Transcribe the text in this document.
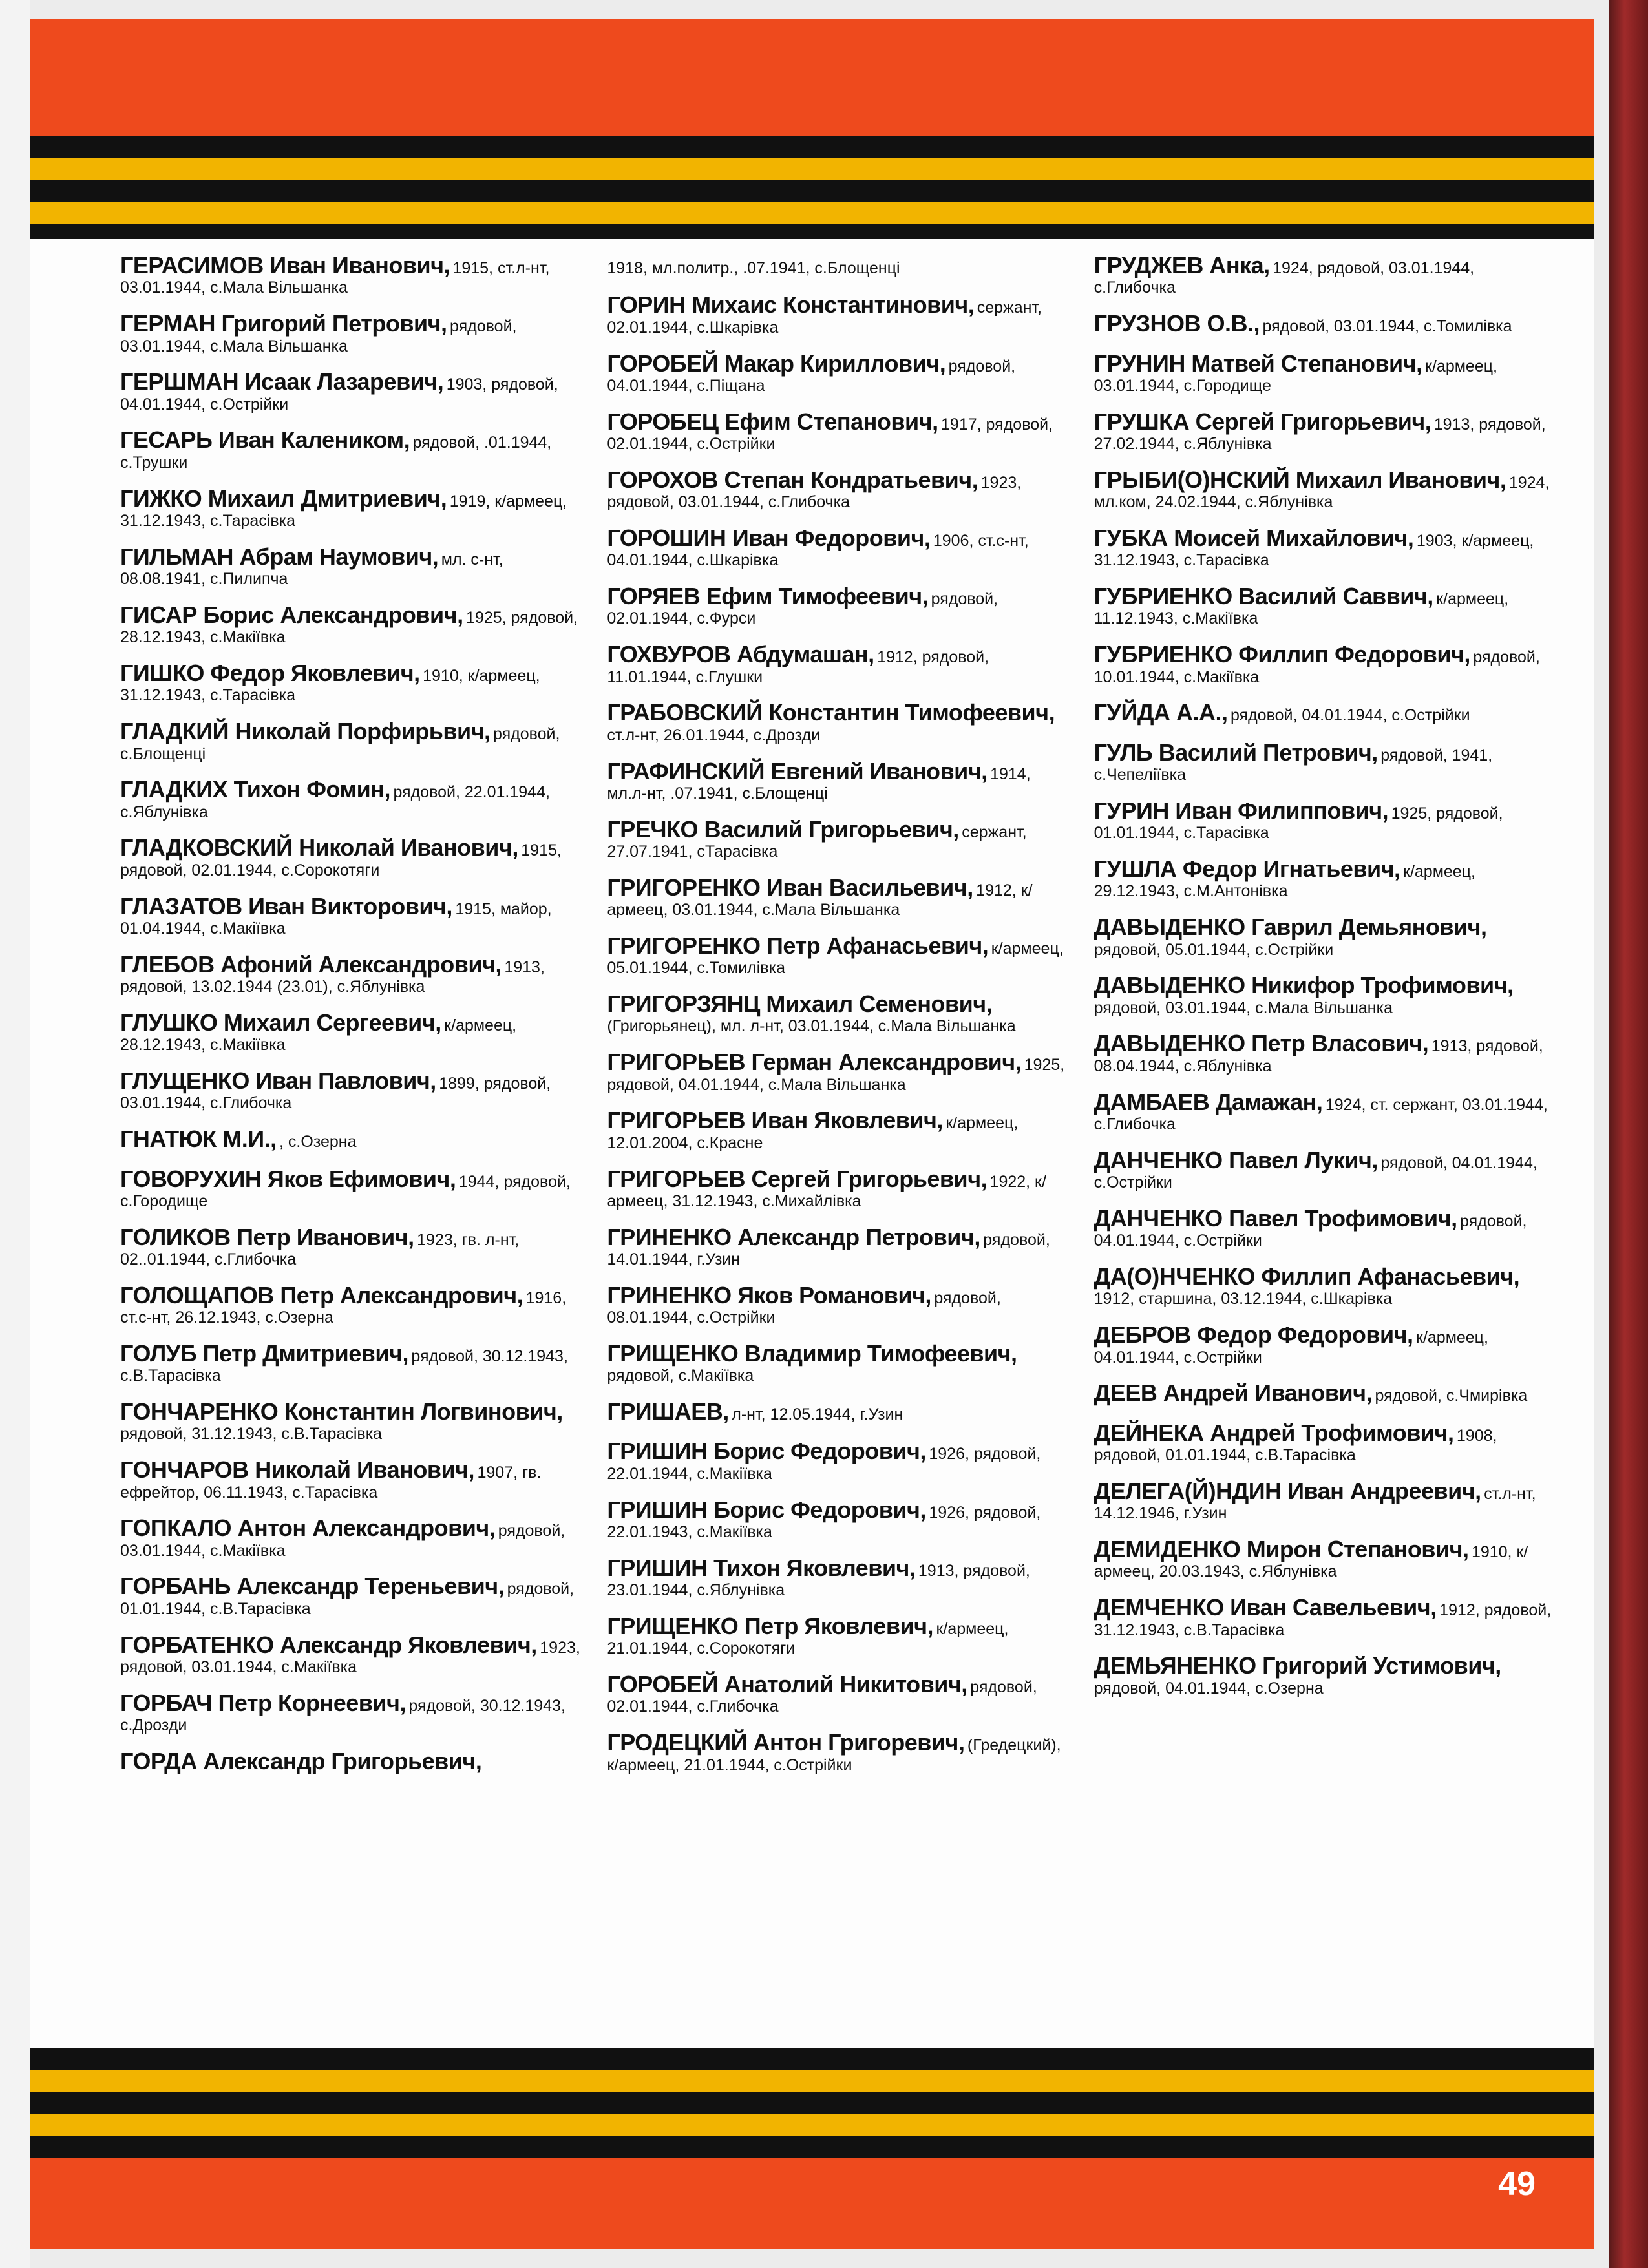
49
ГЕРАСИМОВ Иван Иванович, 1915, ст.л-нт, 03.01.1944, с.Мала Вільшанка
ГЕРМАН Григорий Петрович, рядовой, 03.01.1944, с.Мала Вільшанка
ГЕРШМАН Исаак Лазаревич, 1903, рядовой, 04.01.1944, с.Острійки
ГЕСАРЬ Иван Калеником, рядовой, .01.1944, с.Трушки
ГИЖКО Михаил Дмитриевич, 1919, к/армеец, 31.12.1943, с.Тарасівка
ГИЛЬМАН Абрам Наумович, мл. с-нт, 08.08.1941, с.Пилипча
ГИСАР Борис Александрович, 1925, рядовой, 28.12.1943, с.Макіївка
ГИШКО Федор Яковлевич, 1910, к/армеец, 31.12.1943, с.Тарасівка
ГЛАДКИЙ Николай Порфирьвич, рядовой, с.Блощенці
ГЛАДКИХ Тихон Фомин, рядовой, 22.01.1944, с.Яблунівка
ГЛАДКОВСКИЙ Николай Иванович, 1915, рядовой, 02.01.1944, с.Сорокотяги
ГЛАЗАТОВ Иван Викторович, 1915, майор, 01.04.1944, с.Макіївка
ГЛЕБОВ Афоний Александрович, 1913, рядовой, 13.02.1944 (23.01), с.Яблунівка
ГЛУШКО Михаил Сергеевич, к/армеец, 28.12.1943, с.Макіївка
ГЛУЩЕНКО Иван Павлович, 1899, рядовой, 03.01.1944, с.Глибочка
ГНАТЮК М.И., , с.Озерна
ГОВОРУХИН Яков Ефимович, 1944, рядовой, с.Городище
ГОЛИКОВ Петр Иванович, 1923, гв. л-нт, 02..01.1944, с.Глибочка
ГОЛОЩАПОВ Петр Александрович, 1916, ст.с-нт, 26.12.1943, с.Озерна
ГОЛУБ Петр Дмитриевич, рядовой, 30.12.1943, с.В.Тарасівка
ГОНЧАРЕНКО Константин Логвинович, рядовой, 31.12.1943, с.В.Тарасівка
ГОНЧАРОВ Николай Иванович, 1907, гв. ефрейтор, 06.11.1943, с.Тарасівка
ГОПКАЛО Антон Александрович, рядовой, 03.01.1944, с.Макіївка
ГОРБАНЬ Александр Тереньевич, рядовой, 01.01.1944, с.В.Тарасівка
ГОРБАТЕНКО Александр Яковлевич, 1923, рядовой, 03.01.1944, с.Макіївка
ГОРБАЧ Петр Корнеевич, рядовой, 30.12.1943, с.Дрозди
ГОРДА Александр Григорьевич,
1918, мл.политр., .07.1941, с.Блощенці
ГОРИН Михаис Константинович, сержант, 02.01.1944, с.Шкарівка
ГОРОБЕЙ Макар Кириллович, рядовой, 04.01.1944, с.Піщана
ГОРОБЕЦ Ефим Степанович, 1917, рядовой, 02.01.1944, с.Острійки
ГОРОХОВ Степан Кондратьевич, 1923, рядовой, 03.01.1944, с.Глибочка
ГОРОШИН Иван Федорович, 1906, ст.с-нт, 04.01.1944, с.Шкарівка
ГОРЯЕВ Ефим Тимофеевич, рядовой, 02.01.1944, с.Фурси
ГОХВУРОВ Абдумашан, 1912, рядовой, 11.01.1944, с.Глушки
ГРАБОВСКИЙ Константин Тимофеевич, ст.л-нт, 26.01.1944, с.Дрозди
ГРАФИНСКИЙ Евгений Иванович, 1914, мл.л-нт, .07.1941, с.Блощенці
ГРЕЧКО Василий Григорьевич, сержант, 27.07.1941, сТарасівка
ГРИГОРЕНКО Иван Васильевич, 1912, к/армеец, 03.01.1944, с.Мала Вільшанка
ГРИГОРЕНКО Петр Афанасьевич, к/армеец, 05.01.1944, с.Томилівка
ГРИГОРЗЯНЦ Михаил Семенович, (Григорьянец), мл. л-нт, 03.01.1944, с.Мала Вільшанка
ГРИГОРЬЕВ Герман Александрович, 1925, рядовой, 04.01.1944, с.Мала Вільшанка
ГРИГОРЬЕВ Иван Яковлевич, к/армеец, 12.01.2004, с.Красне
ГРИГОРЬЕВ Сергей Григорьевич, 1922, к/армеец, 31.12.1943, с.Михайлівка
ГРИНЕНКО Александр Петрович, рядовой, 14.01.1944, г.Узин
ГРИНЕНКО Яков Романович, рядовой, 08.01.1944, с.Острійки
ГРИЩЕНКО Владимир Тимофеевич, рядовой, с.Макіївка
ГРИШАЕВ, л-нт, 12.05.1944, г.Узин
ГРИШИН Борис Федорович, 1926, рядовой, 22.01.1944, с.Макіївка
ГРИШИН Борис Федорович, 1926, рядовой, 22.01.1943, с.Макіївка
ГРИШИН Тихон Яковлевич, 1913, рядовой, 23.01.1944, с.Яблунівка
ГРИЩЕНКО Петр Яковлевич, к/армеец, 21.01.1944, с.Сорокотяги
ГОРОБЕЙ Анатолий Никитович, рядовой, 02.01.1944, с.Глибочка
ГРОДЕЦКИЙ Антон Григоревич, (Гредецкий), к/армеец, 21.01.1944, с.Острійки
ГРУДЖЕВ Анка, 1924, рядовой, 03.01.1944, с.Глибочка
ГРУЗНОВ О.В., рядовой, 03.01.1944, с.Томилівка
ГРУНИН Матвей Степанович, к/армеец, 03.01.1944, с.Городище
ГРУШКА Сергей Григорьевич, 1913, рядовой, 27.02.1944, с.Яблунівка
ГРЫБИ(О)НСКИЙ Михаил Иванович, 1924, мл.ком, 24.02.1944, с.Яблунівка
ГУБКА Моисей Михайлович, 1903, к/армеец, 31.12.1943, с.Тарасівка
ГУБРИЕНКО Василий Саввич, к/армеец, 11.12.1943, с.Макіївка
ГУБРИЕНКО Филлип Федорович, рядовой, 10.01.1944, с.Макіївка
ГУЙДА А.А., рядовой, 04.01.1944, с.Острійки
ГУЛЬ Василий Петрович, рядовой, 1941, с.Чепеліївка
ГУРИН Иван Филиппович, 1925, рядовой, 01.01.1944, с.Тарасівка
ГУШЛА Федор Игнатьевич, к/армеец, 29.12.1943, с.М.Антонівка
ДАВЫДЕНКО Гаврил Демьянович, рядовой, 05.01.1944, с.Острійки
ДАВЫДЕНКО Никифор Трофимович, рядовой, 03.01.1944, с.Мала Вільшанка
ДАВЫДЕНКО Петр Власович, 1913, рядовой, 08.04.1944, с.Яблунівка
ДАМБАЕВ Дамажан, 1924, ст. сержант, 03.01.1944, с.Глибочка
ДАНЧЕНКО Павел Лукич, рядовой, 04.01.1944, с.Острійки
ДАНЧЕНКО Павел Трофимович, рядовой, 04.01.1944, с.Острійки
ДА(О)НЧЕНКО Филлип Афанасьевич, 1912, старшина, 03.12.1944, с.Шкарівка
ДЕБРОВ Федор Федорович, к/армеец, 04.01.1944, с.Острійки
ДЕЕВ Андрей Иванович, рядовой, с.Чмирівка
ДЕЙНЕКА Андрей Трофимович, 1908, рядовой, 01.01.1944, с.В.Тарасівка
ДЕЛЕГА(Й)НДИН Иван Андреевич, ст.л-нт, 14.12.1946, г.Узин
ДЕМИДЕНКО Мирон Степанович, 1910, к/армеец, 20.03.1943, с.Яблунівка
ДЕМЧЕНКО Иван Савельевич, 1912, рядовой, 31.12.1943, с.В.Тарасівка
ДЕМЬЯНЕНКО Григорий Устимович, рядовой, 04.01.1944, с.Озерна
